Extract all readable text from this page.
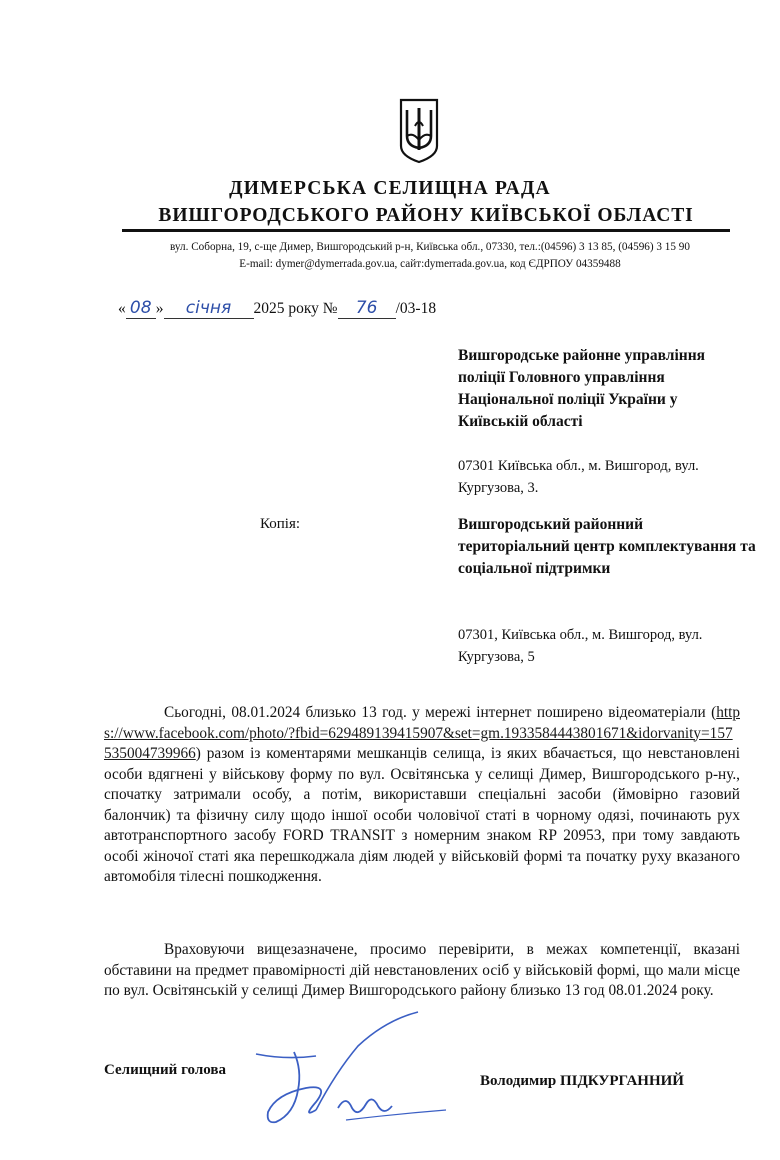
ДИМЕРСЬКА СЕЛИЩНА РАДА
ВИШГОРОДСЬКОГО РАЙОНУ КИЇВСЬКОЇ ОБЛАСТІ
вул. Соборна, 19, с-ще Димер, Вишгородський р-н, Київська обл., 07330, тел.:(04596) 3 13 85, (04596) 3 15 90
E-mail: dymer@dymerrada.gov.ua, сайт:dymerrada.gov.ua, код ЄДРПОУ 04359488
« 08 » січня 2025 року № 76 /03-18
Вишгородське районне управління поліції Головного управління Національної поліції України у Київській області
07301 Київська обл., м. Вишгород, вул. Кургузова, 3.
Копія:	Вишгородський районний територіальний центр комплектування та соціальної підтримки
07301, Київська обл., м. Вишгород, вул. Кургузова, 5
Сьогодні, 08.01.2024 близько 13 год. у мережі інтернет поширено відеоматеріали (https://www.facebook.com/photo/?fbid=629489139415907&set=gm.1933584443801671&idorvanity=157535004739966) разом із коментарями мешканців селища, із яких вбачається, що невстановлені особи вдягнені у військову форму по вул. Освітянська у селищі Димер, Вишгородського р-ну., спочатку затримали особу, а потім, використавши спеціальні засоби (ймовірно газовий балончик) та фізичну силу щодо іншої особи чоловічої статі в чорному одязі, починають рух автотранспортного засобу FORD TRANSIT з номерним знаком RP 20953, при тому завдають особі жіночої статі яка перешкоджала діям людей у військовій формі та початку руху вказаного автомобіля тілесні пошкодження.
Враховуючи вищезазначене, просимо перевірити, в межах компетенції, вказані обставини на предмет правомірності дій невстановлених осіб у військовій формі, що мали місце по вул. Освітянській у селищі Димер Вишгородського району близько 13 год 08.01.2024 року.
Селищний голова
Володимир ПІДКУРГАННИЙ
